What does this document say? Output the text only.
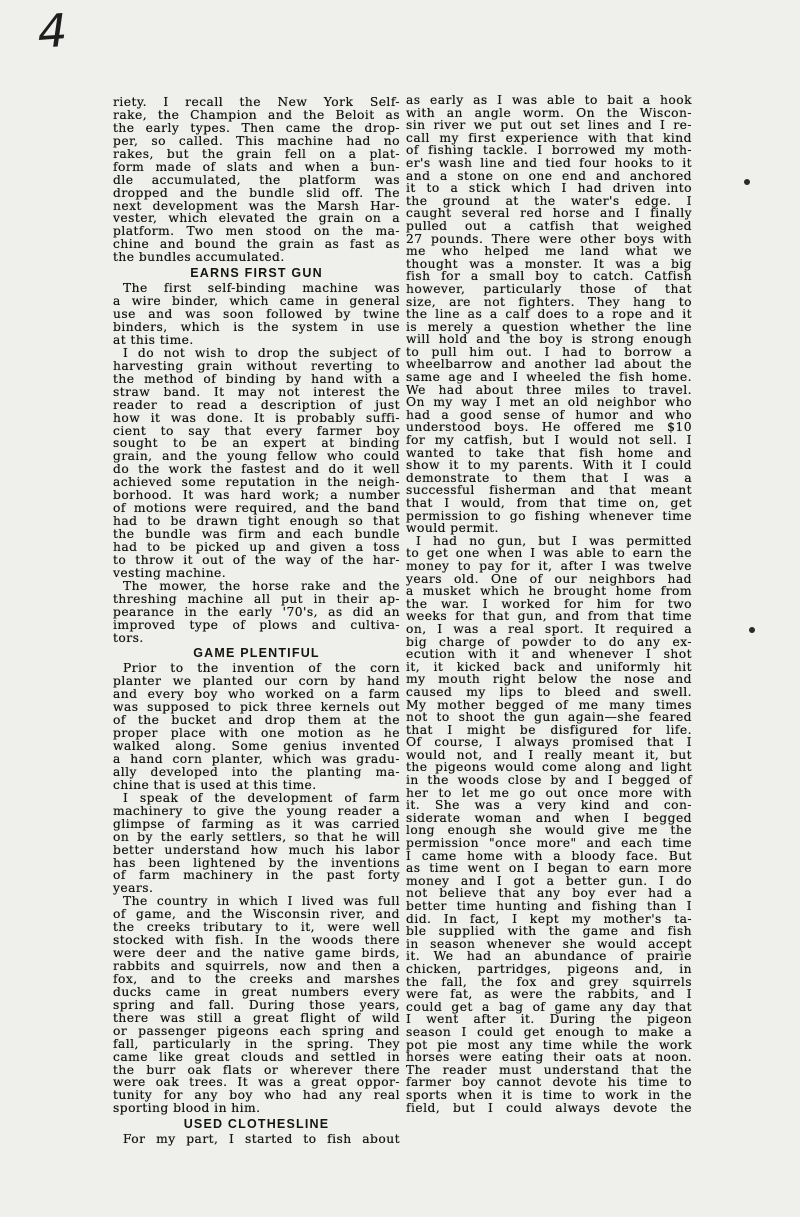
4
riety. I recall the New York Self-
rake, the Champion and the Beloit as
the early types. Then came the drop-
per, so called. This machine had no
rakes, but the grain fell on a plat-
form made of slats and when a bun-
dle accumulated, the platform was
dropped and the bundle slid off. The
next development was the Marsh Har-
vester, which elevated the grain on a
platform. Two men stood on the ma-
chine and bound the grain as fast as
the bundles accumulated.
EARNS FIRST GUN
The first self-binding machine was
a wire binder, which came in general
use and was soon followed by twine
binders, which is the system in use
at this time.
I do not wish to drop the subject of
harvesting grain without reverting to
the method of binding by hand with a
straw band. It may not interest the
reader to read a description of just
how it was done. It is probably suffi-
cient to say that every farmer boy
sought to be an expert at binding
grain, and the young fellow who could
do the work the fastest and do it well
achieved some reputation in the neigh-
borhood. It was hard work; a number
of motions were required, and the band
had to be drawn tight enough so that
the bundle was firm and each bundle
had to be picked up and given a toss
to throw it out of the way of the har-
vesting machine.
The mower, the horse rake and the
threshing machine all put in their ap-
pearance in the early '70's, as did an
improved type of plows and cultiva-
tors.
GAME PLENTIFUL
Prior to the invention of the corn
planter we planted our corn by hand
and every boy who worked on a farm
was supposed to pick three kernels out
of the bucket and drop them at the
proper place with one motion as he
walked along. Some genius invented
a hand corn planter, which was gradu-
ally developed into the planting ma-
chine that is used at this time.
I speak of the development of farm
machinery to give the young reader a
glimpse of farming as it was carried
on by the early settlers, so that he will
better understand how much his labor
has been lightened by the inventions
of farm machinery in the past forty
years.
The country in which I lived was full
of game, and the Wisconsin river, and
the creeks tributary to it, were well
stocked with fish. In the woods there
were deer and the native game birds,
rabbits and squirrels, now and then a
fox, and to the creeks and marshes
ducks came in great numbers every
spring and fall. During those years,
there was still a great flight of wild
or passenger pigeons each spring and
fall, particularly in the spring. They
came like great clouds and settled in
the burr oak flats or wherever there
were oak trees. It was a great oppor-
tunity for any boy who had any real
sporting blood in him.
USED CLOTHESLINE
For my part, I started to fish about
as early as I was able to bait a hook
with an angle worm. On the Wiscon-
sin river we put out set lines and I re-
call my first experience with that kind
of fishing tackle. I borrowed my moth-
er's wash line and tied four hooks to it
and a stone on one end and anchored
it to a stick which I had driven into
the ground at the water's edge. I
caught several red horse and I finally
pulled out a catfish that weighed
27 pounds. There were other boys with
me who helped me land what we
thought was a monster. It was a big
fish for a small boy to catch. Catfish
however, particularly those of that
size, are not fighters. They hang to
the line as a calf does to a rope and it
is merely a question whether the line
will hold and the boy is strong enough
to pull him out. I had to borrow a
wheelbarrow and another lad about the
same age and I wheeled the fish home.
We had about three miles to travel.
On my way I met an old neighbor who
had a good sense of humor and who
understood boys. He offered me $10
for my catfish, but I would not sell. I
wanted to take that fish home and
show it to my parents. With it I could
demonstrate to them that I was a
successful fisherman and that meant
that I would, from that time on, get
permission to go fishing whenever time
would permit.
I had no gun, but I was permitted
to get one when I was able to earn the
money to pay for it, after I was twelve
years old. One of our neighbors had
a musket which he brought home from
the war. I worked for him for two
weeks for that gun, and from that time
on, I was a real sport. It required a
big charge of powder to do any ex-
ecution with it and whenever I shot
it, it kicked back and uniformly hit
my mouth right below the nose and
caused my lips to bleed and swell.
My mother begged of me many times
not to shoot the gun again—she feared
that I might be disfigured for life.
Of course, I always promised that I
would not, and I really meant it, but
the pigeons would come along and light
in the woods close by and I begged of
her to let me go out once more with
it. She was a very kind and con-
siderate woman and when I begged
long enough she would give me the
permission "once more" and each time
I came home with a bloody face. But
as time went on I began to earn more
money and I got a better gun. I do
not believe that any boy ever had a
better time hunting and fishing than I
did. In fact, I kept my mother's ta-
ble supplied with the game and fish
in season whenever she would accept
it. We had an abundance of prairie
chicken, partridges, pigeons and, in
the fall, the fox and grey squirrels
were fat, as were the rabbits, and I
could get a bag of game any day that
I went after it. During the pigeon
season I could get enough to make a
pot pie most any time while the work
horses were eating their oats at noon.
The reader must understand that the
farmer boy cannot devote his time to
sports when it is time to work in the
field, but I could always devote the
